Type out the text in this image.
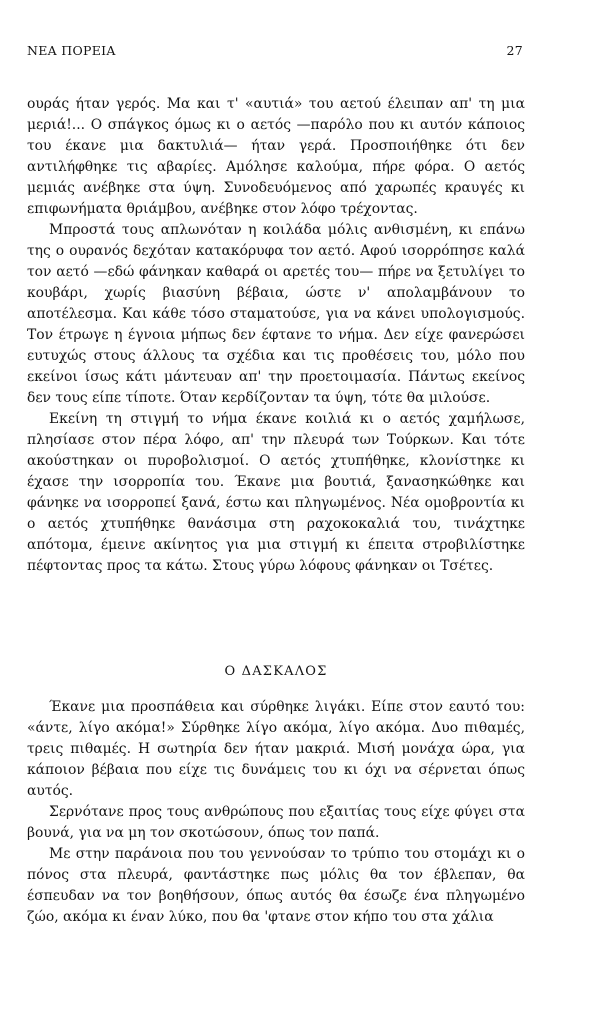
ΝΕΑ ΠΟΡΕΙΑ	27

ουράς ήταν γερός. Μα και τ' «αυτιά» του αετού έλειπαν απ' τη μια μεριά!... Ο σπάγκος όμως κι ο αετός —παρόλο που κι αυτόν κάποιος του έκανε μια δακτυλιά— ήταν γερά. Προσποιήθηκε ότι δεν αντιλήφθηκε τις αβαρίες. Αμόλησε καλούμα, πήρε φόρα. Ο αετός μεμιάς ανέβηκε στα ύψη. Συνοδευόμενος από χαρωπές κραυγές κι επιφωνήματα θριάμβου, ανέβηκε στον λόφο τρέχοντας.

Μπροστά τους απλωνόταν η κοιλάδα μόλις ανθισμένη, κι επάνω της ο ουρανός δεχόταν κατακόρυφα τον αετό. Αφού ισορρόπησε καλά τον αετό —εδώ φάνηκαν καθαρά οι αρετές του— πήρε να ξετυλίγει το κουβάρι, χωρίς βιασύνη βέβαια, ώστε ν' απολαμβάνουν το αποτέλεσμα. Και κάθε τόσο σταματούσε, για να κάνει υπολογισμούς. Τον έτρωγε η έγνοια μήπως δεν έφτανε το νήμα. Δεν είχε φανερώσει ευτυχώς στους άλλους τα σχέδια και τις προθέσεις του, μόλο που εκείνοι ίσως κάτι μάντευαν απ' την προετοιμασία. Πάντως εκείνος δεν τους είπε τίποτε. Όταν κερδίζονταν τα ύψη, τότε θα μιλούσε.

Εκείνη τη στιγμή το νήμα έκανε κοιλιά κι ο αετός χαμήλωσε, πλησίασε στον πέρα λόφο, απ' την πλευρά των Τούρκων. Και τότε ακούστηκαν οι πυροβολισμοί. Ο αετός χτυπήθηκε, κλονίστηκε κι έχασε την ισορροπία του. Έκανε μια βουτιά, ξανασηκώθηκε και φάνηκε να ισορροπεί ξανά, έστω και πληγωμένος. Νέα ομοβροντία κι ο αετός χτυπήθηκε θανάσιμα στη ραχοκοκαλιά του, τινάχτηκε απότομα, έμεινε ακίνητος για μια στιγμή κι έπειτα στροβιλίστηκε πέφτοντας προς τα κάτω. Στους γύρω λόφους φάνηκαν οι Τσέτες.

Ο ΔΑΣΚΑΛΟΣ

Έκανε μια προσπάθεια και σύρθηκε λιγάκι. Είπε στον εαυτό του: «άντε, λίγο ακόμα!» Σύρθηκε λίγο ακόμα, λίγο ακόμα. Δυο πιθαμές, τρεις πιθαμές. Η σωτηρία δεν ήταν μακριά. Μισή μονάχα ώρα, για κάποιον βέβαια που είχε τις δυνάμεις του κι όχι να σέρνεται όπως αυτός.

Σερνότανε προς τους ανθρώπους που εξαιτίας τους είχε φύγει στα βουνά, για να μη τον σκοτώσουν, όπως τον παπά.

Με στην παράνοια που του γεννούσαν το τρύπιο του στομάχι κι ο πόνος στα πλευρά, φαντάστηκε πως μόλις θα τον έβλεπαν, θα έσπευδαν να τον βοηθήσουν, όπως αυτός θα έσωζε ένα πληγωμένο ζώο, ακόμα κι έναν λύκο, που θα 'φτανε στον κήπο του στα χάλια
